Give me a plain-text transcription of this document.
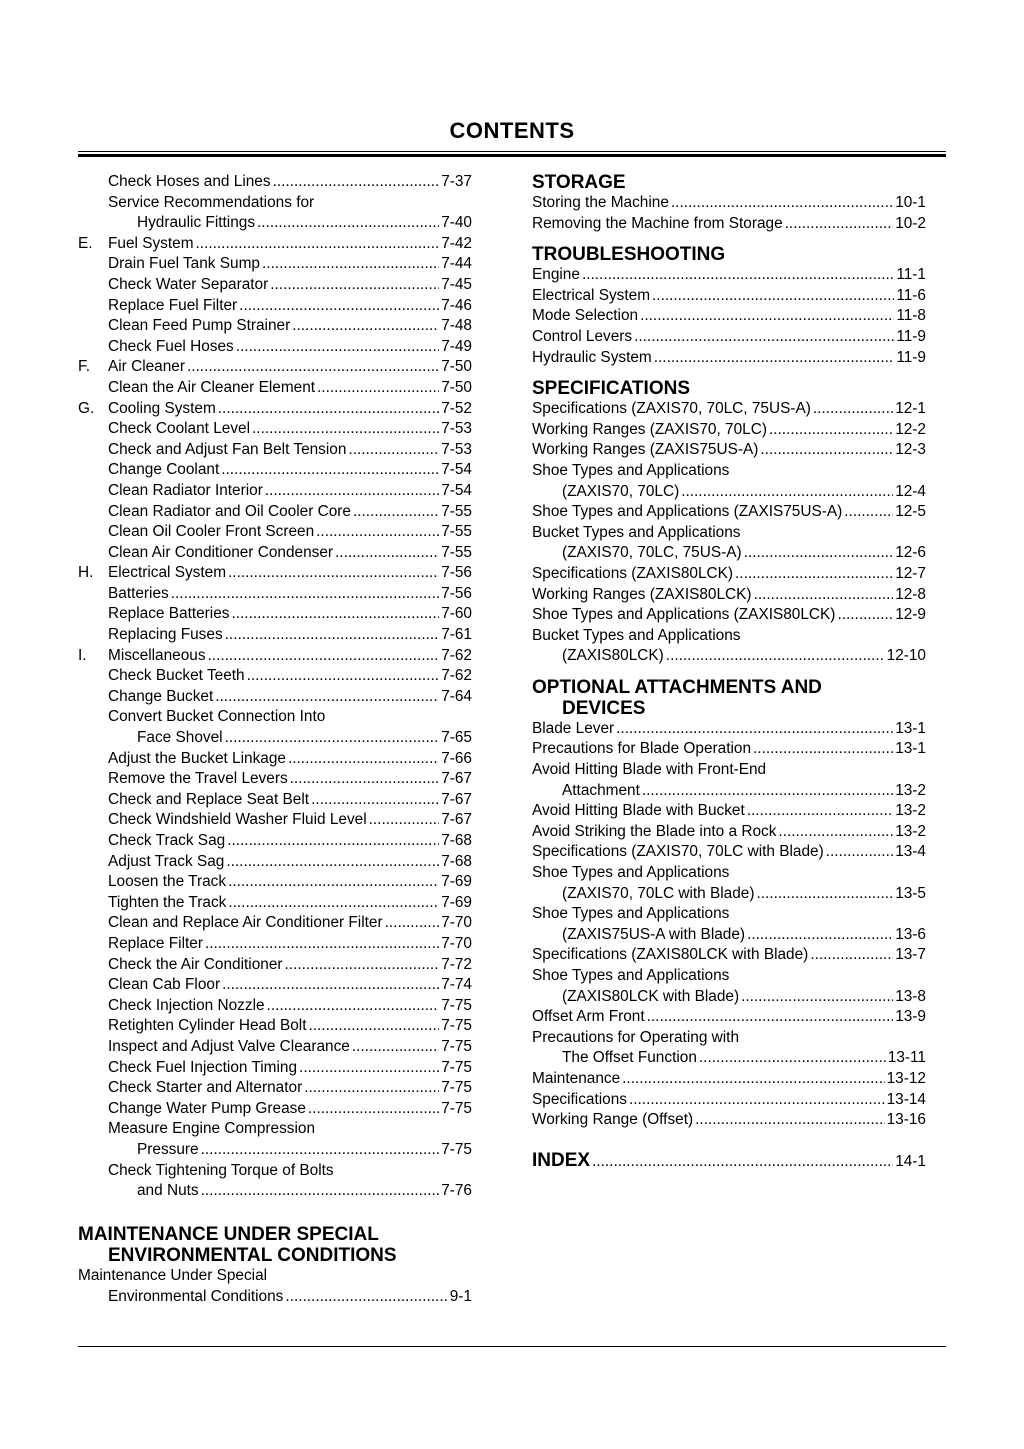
CONTENTS
Check Hoses and Lines .....	7-37
Service Recommendations for
Hydraulic Fittings .....	7-40
E.	Fuel System .....	7-42
Drain Fuel Tank Sump .....	7-44
Check Water Separator .....	7-45
Replace Fuel Filter .....	7-46
Clean Feed Pump Strainer .....	7-48
Check Fuel Hoses .....	7-49
F.	Air Cleaner .....	7-50
Clean the Air Cleaner Element .....	7-50
G. Cooling System .....	7-52
Check Coolant Level .....	7-53
Check and Adjust Fan Belt Tension .....	7-53
Change Coolant .....	7-54
Clean Radiator Interior .....	7-54
Clean Radiator and Oil Cooler Core .....	7-55
Clean Oil Cooler Front Screen .....	7-55
Clean Air Conditioner Condenser .....	7-55
H. Electrical System .....	7-56
Batteries .....	7-56
Replace Batteries .....	7-60
Replacing Fuses .....	7-61
I.	Miscellaneous .....	7-62
Check Bucket Teeth .....	7-62
Change Bucket .....	7-64
Convert Bucket Connection Into
Face Shovel .....	7-65
Adjust the Bucket Linkage .....	7-66
Remove the Travel Levers .....	7-67
Check and Replace Seat Belt .....	7-67
Check Windshield Washer Fluid Level .....	7-67
Check Track Sag .....	7-68
Adjust Track Sag .....	7-68
Loosen the Track .....	7-69
Tighten the Track .....	7-69
Clean and Replace Air Conditioner Filter .....	7-70
Replace Filter .....	7-70
Check the Air Conditioner .....	7-72
Clean Cab Floor .....	7-74
Check Injection Nozzle .....	7-75
Retighten Cylinder Head Bolt .....	7-75
Inspect and Adjust Valve Clearance .....	7-75
Check Fuel Injection Timing .....	7-75
Check Starter and Alternator .....	7-75
Change Water Pump Grease .....	7-75
Measure Engine Compression
Pressure .....	7-75
Check Tightening Torque of Bolts
and Nuts .....	7-76
MAINTENANCE UNDER SPECIAL
ENVIRONMENTAL CONDITIONS
Maintenance Under Special
Environmental Conditions .....	9-1
STORAGE
Storing the Machine .....	10-1
Removing the Machine from Storage .....	10-2
TROUBLESHOOTING
Engine .....	11-1
Electrical System .....	11-6
Mode Selection .....	11-8
Control Levers .....	11-9
Hydraulic System .....	11-9
SPECIFICATIONS
Specifications (ZAXIS70, 70LC, 75US-A) .....	12-1
Working Ranges (ZAXIS70, 70LC) .....	12-2
Working Ranges (ZAXIS75US-A) .....	12-3
Shoe Types and Applications
(ZAXIS70, 70LC) .....	12-4
Shoe Types and Applications (ZAXIS75US-A) .....	12-5
Bucket Types and Applications
(ZAXIS70, 70LC, 75US-A) .....	12-6
Specifications (ZAXIS80LCK) .....	12-7
Working Ranges (ZAXIS80LCK) .....	12-8
Shoe Types and Applications (ZAXIS80LCK) .....	12-9
Bucket Types and Applications
(ZAXIS80LCK) .....	12-10
OPTIONAL ATTACHMENTS AND
DEVICES
Blade Lever .....	13-1
Precautions for Blade Operation .....	13-1
Avoid Hitting Blade with Front-End
Attachment .....	13-2
Avoid Hitting Blade with Bucket .....	13-2
Avoid Striking the Blade into a Rock .....	13-2
Specifications (ZAXIS70, 70LC with Blade) .....	13-4
Shoe Types and Applications
(ZAXIS70, 70LC with Blade) .....	13-5
Shoe Types and Applications
(ZAXIS75US-A with Blade) .....	13-6
Specifications (ZAXIS80LCK with Blade) .....	13-7
Shoe Types and Applications
(ZAXIS80LCK with Blade) .....	13-8
Offset Arm Front .....	13-9
Precautions for Operating with
The Offset Function .....	13-11
Maintenance .....	13-12
Specifications .....	13-14
Working Range (Offset) .....	13-16
INDEX .....	14-1
